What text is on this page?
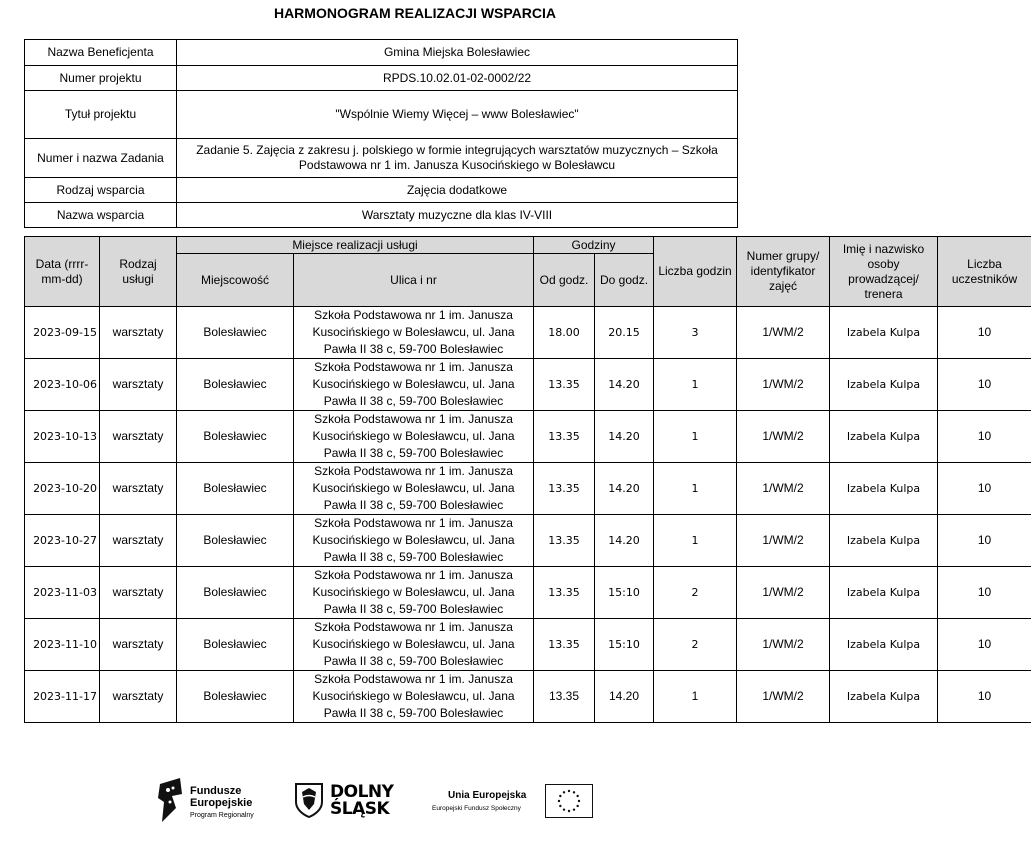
HARMONOGRAM REALIZACJI WSPARCIA
Nazwa Beneficjenta	Gmina Miejska Bolesławiec
Numer projektu	RPDS.10.02.01-02-0002/22
Tytuł projektu	"Wspólnie Wiemy Więcej – www Bolesławiec"
Numer i nazwa Zadania	Zadanie 5. Zajęcia z zakresu j. polskiego w formie integrujących warsztatów muzycznych – Szkoła Podstawowa nr 1 im. Janusza Kusocińskiego w Bolesławcu
Rodzaj wsparcia	Zajęcia dodatkowe
Nazwa wsparcia	Warsztaty muzyczne dla klas IV-VIII
Data (rrrr-mm-dd)	Rodzaj usługi	Miejsce realizacji usługi		Godziny		Liczba godzin	Numer grupy/ identyfikator zajęć	Imię i nazwisko osoby prowadzącej/ trenera	Liczba uczestników
		Miejscowość	Ulica i nr	Od godz.	Do godz.				
2023-09-15	warsztaty	Bolesławiec	Szkoła Podstawowa nr 1 im. Janusza Kusocińskiego w Bolesławcu, ul. Jana Pawła II 38 c, 59-700 Bolesławiec	18.00	20.15	3	1/WM/2	Izabela Kulpa	10
2023-10-06	warsztaty	Bolesławiec	Szkoła Podstawowa nr 1 im. Janusza Kusocińskiego w Bolesławcu, ul. Jana Pawła II 38 c, 59-700 Bolesławiec	13.35	14.20	1	1/WM/2	Izabela Kulpa	10
2023-10-13	warsztaty	Bolesławiec	Szkoła Podstawowa nr 1 im. Janusza Kusocińskiego w Bolesławcu, ul. Jana Pawła II 38 c, 59-700 Bolesławiec	13.35	14.20	1	1/WM/2	Izabela Kulpa	10
2023-10-20	warsztaty	Bolesławiec	Szkoła Podstawowa nr 1 im. Janusza Kusocińskiego w Bolesławcu, ul. Jana Pawła II 38 c, 59-700 Bolesławiec	13.35	14.20	1	1/WM/2	Izabela Kulpa	10
2023-10-27	warsztaty	Bolesławiec	Szkoła Podstawowa nr 1 im. Janusza Kusocińskiego w Bolesławcu, ul. Jana Pawła II 38 c, 59-700 Bolesławiec	13.35	14.20	1	1/WM/2	Izabela Kulpa	10
2023-11-03	warsztaty	Bolesławiec	Szkoła Podstawowa nr 1 im. Janusza Kusocińskiego w Bolesławcu, ul. Jana Pawła II 38 c, 59-700 Bolesławiec	13.35	15:10	2	1/WM/2	Izabela Kulpa	10
2023-11-10	warsztaty	Bolesławiec	Szkoła Podstawowa nr 1 im. Janusza Kusocińskiego w Bolesławcu, ul. Jana Pawła II 38 c, 59-700 Bolesławiec	13.35	15:10	2	1/WM/2	Izabela Kulpa	10
2023-11-17	warsztaty	Bolesławiec	Szkoła Podstawowa nr 1 im. Janusza Kusocińskiego w Bolesławcu, ul. Jana Pawła II 38 c, 59-700 Bolesławiec	13.35	14.20	1	1/WM/2	Izabela Kulpa	10
Fundusze
Europejskie
Program Regionalny
DOLNY
ŚLĄSK
Unia Europejska
Europejski Fundusz Społeczny
